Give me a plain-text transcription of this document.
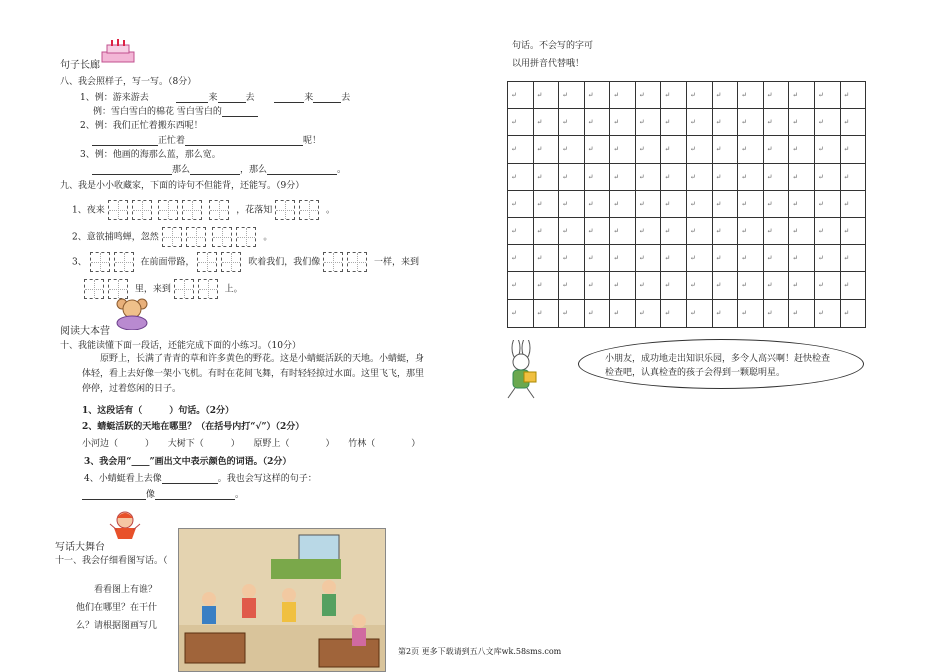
句子长廊
八、我会照样子，写一写。（8分）
1、例：游来游去	来	去	来	去
例：雪白雪白的棉花 雪白雪白的
2、例：我们正忙着搬东西呢！
正忙着	呢！
3、例：他画的海那么蓝，那么宽。
那么	，那么	。
九、我是小小收藏家，下面的诗句不但能背，还能写。（9分）
1、夜来	，花落知	。
2、意欲捕鸣蝉，忽然	。
3、	在前面带路，	吹着我们，我们像	一样，来到
里，来到	上。
阅读大本营
十、我能读懂下面一段话，还能完成下面的小练习。（10分）
原野上，长满了青青的草和许多黄色的野花。这是小蜻蜓活跃的天地。小蜻蜓，身体轻，看上去好像一架小飞机。有时在花间飞舞，有时轻轻掠过水面。这里飞飞，那里停停，过着悠闲的日子。
1、这段话有（　　　）句话。（2分）
2、蜻蜓活跃的天地在哪里？（在括号内打“√”）（2分）
小河边（　　　） 大树下（　　　） 原野上（　　　　） 竹林（　　　　）
3、我会用“____”画出文中表示颜色的词语。（2分）
4、小蜻蜓看上去像	。我也会写这样的句子：
像	。
写话大舞台
十一、我会仔细看图写话。（
看看图上有谁？
他们在哪里？在干什
么？请根据图画写几
句话。不会写的字可
以用拼音代替哦！
↵	↵	↵	↵	↵	↵	↵	↵	↵	↵	↵	↵	↵	↵
↵	↵	↵	↵	↵	↵	↵	↵	↵	↵	↵	↵	↵	↵
↵	↵	↵	↵	↵	↵	↵	↵	↵	↵	↵	↵	↵	↵
↵	↵	↵	↵	↵	↵	↵	↵	↵	↵	↵	↵	↵	↵
↵	↵	↵	↵	↵	↵	↵	↵	↵	↵	↵	↵	↵	↵
↵	↵	↵	↵	↵	↵	↵	↵	↵	↵	↵	↵	↵	↵
↵	↵	↵	↵	↵	↵	↵	↵	↵	↵	↵	↵	↵	↵
↵	↵	↵	↵	↵	↵	↵	↵	↵	↵	↵	↵	↵	↵
↵	↵	↵	↵	↵	↵	↵	↵	↵	↵	↵	↵	↵	↵
小朋友，成功地走出知识乐园，多令人高兴啊！赶快检查检查吧，认真检查的孩子会得到一颗聪明星。
第2页 更多下载请到五八文库wk.58sms.com
